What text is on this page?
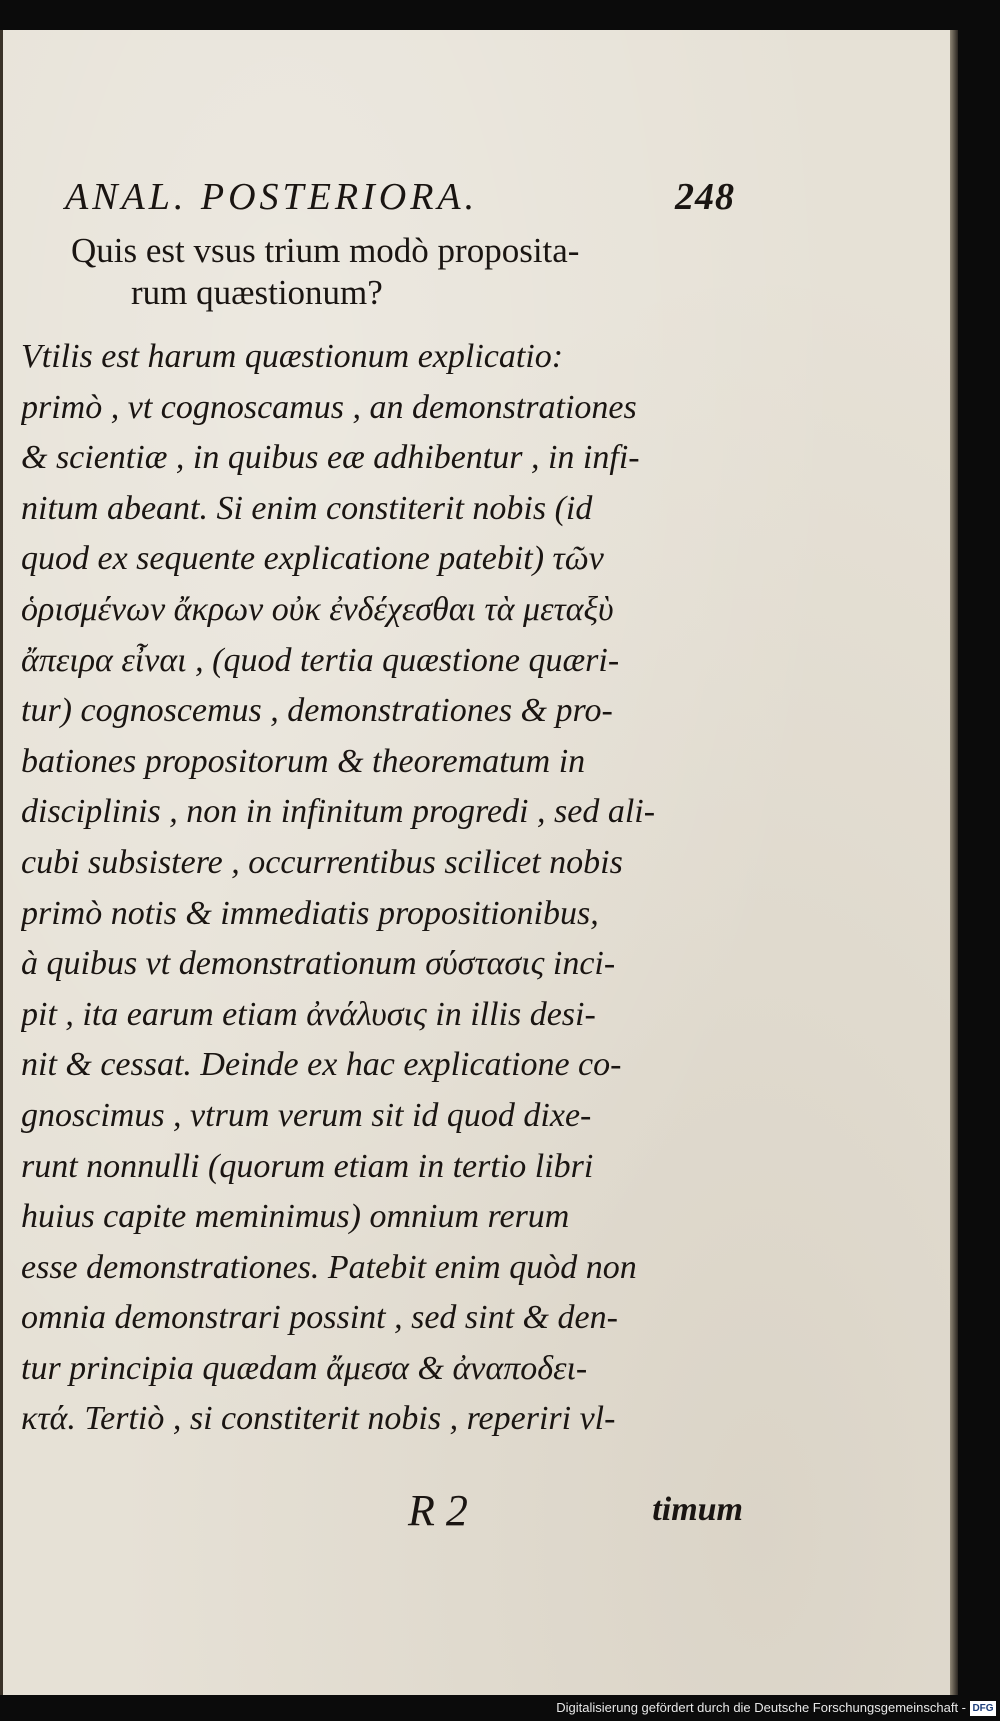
ANAL. POSTERIORA.	248
Quis est vsus trium modò proposita-
rum quæstionum?
Vtilis est harum quæstionum explicatio:
primò , vt cognoscamus , an demonstrationes
& scientiæ , in quibus eæ adhibentur , in infi-
nitum abeant. Si enim constiterit nobis (id
quod ex sequente explicatione patebit) τῶν
ὁρισμένων ἄκρων οὐκ ἐνδέχεσθαι τὰ μεταξὺ
ἄπειρα εἶναι , (quod tertia quæstione quæri-
tur) cognoscemus , demonstrationes & pro-
bationes propositorum & theorematum in
disciplinis , non in infinitum progredi , sed ali-
cubi subsistere , occurrentibus scilicet nobis
primò notis & immediatis propositionibus,
à quibus vt demonstrationum σύστασις inci-
pit , ita earum etiam ἀνάλυσις in illis desi-
nit & cessat. Deinde ex hac explicatione co-
gnoscimus , vtrum verum sit id quod dixe-
runt nonnulli (quorum etiam in tertio libri
huius capite meminimus) omnium rerum
esse demonstrationes. Patebit enim quòd non
omnia demonstrari possint , sed sint & den-
tur principia quædam ἄμεσα & ἀναποδει-
κτά. Tertiò , si constiterit nobis , reperiri vl-
R 2	timum
Digitalisierung gefördert durch die Deutsche Forschungsgemeinschaft - DFG
